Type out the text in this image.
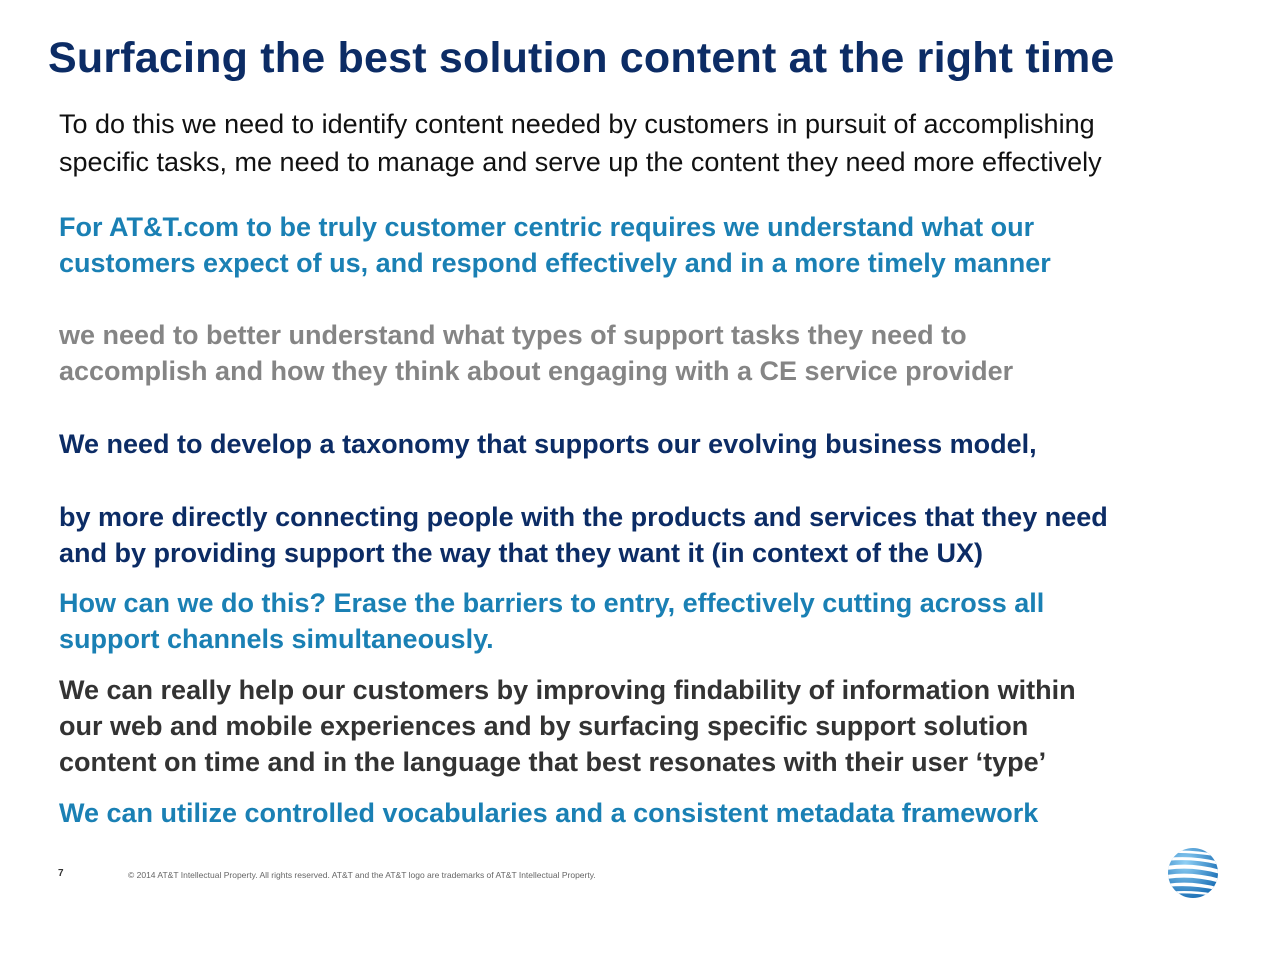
Surfacing the best solution content at the right time
To do this we need to identify content needed by customers in pursuit of accomplishing
specific tasks, me need to manage and serve up the content they need more effectively
For AT&T.com to be truly customer centric requires we understand what our
customers expect of us, and respond effectively and in a more timely manner
we need to better understand what types of support tasks they need to
accomplish and how they think about engaging with a CE service provider
We need to develop a taxonomy that supports our evolving business model,
by more directly connecting people with the products and services that they need
and by providing support the way that they want it (in context of the UX)
How can we do this? Erase the barriers to entry, effectively cutting across all
support channels simultaneously.
We can really help our customers by improving findability of information within
our web and mobile experiences and by surfacing specific support solution
content on time and in the language that best resonates with their user ‘type’
We can utilize controlled vocabularies and a consistent metadata framework
7	© 2014 AT&T Intellectual Property. All rights reserved. AT&T and the AT&T logo are trademarks of AT&T Intellectual Property.
